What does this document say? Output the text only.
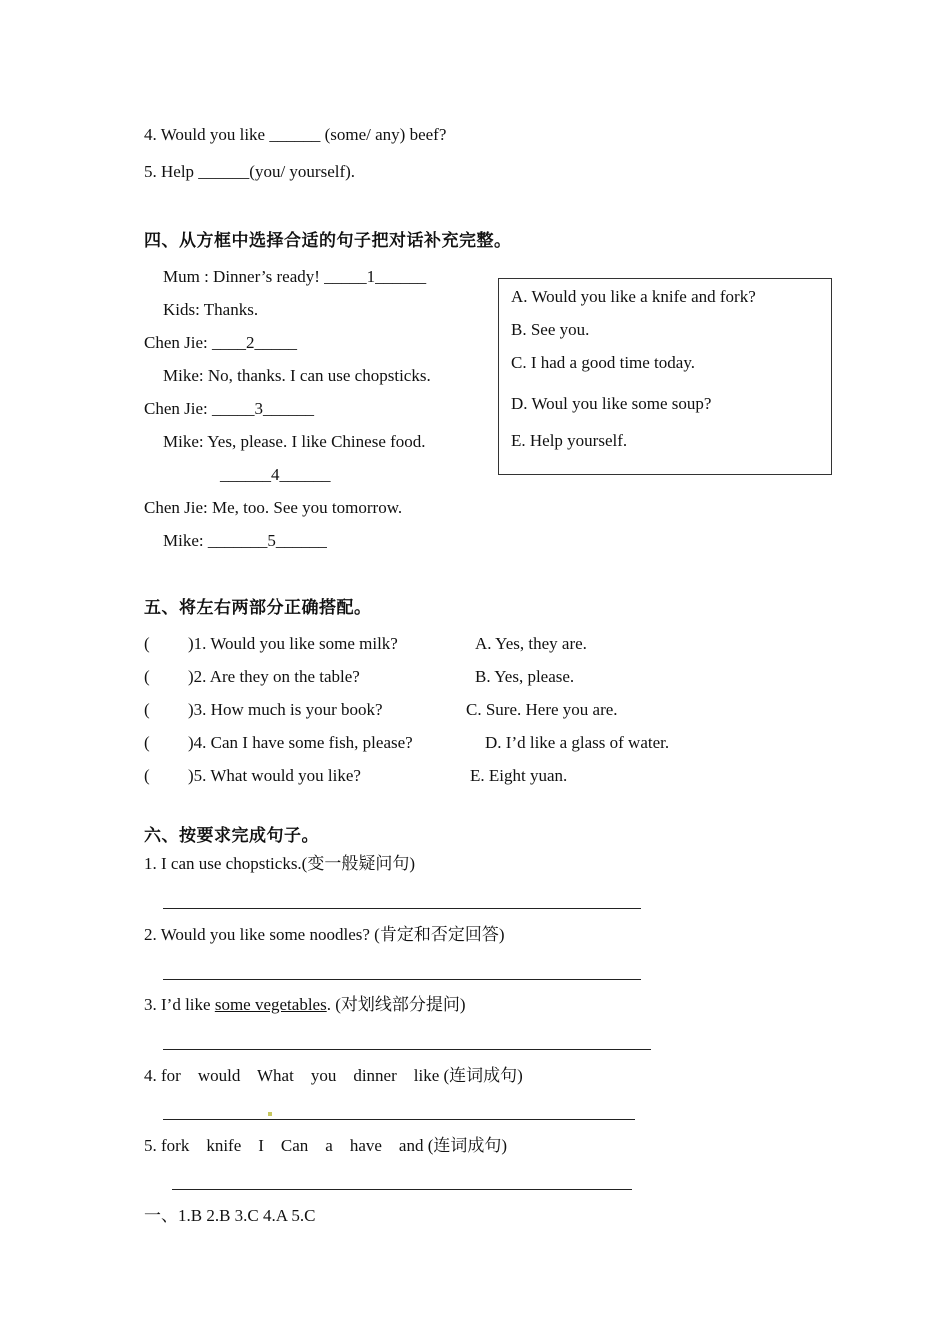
4. Would you like ______ (some/ any) beef?
5. Help ______(you/ yourself).
四、从方框中选择合适的句子把对话补充完整。
Mum : Dinner’s ready! _____1______
Kids: Thanks.
Chen Jie: ____2_____
Mike: No, thanks. I can use chopsticks.
Chen Jie: _____3______
Mike: Yes, please. I like Chinese food.
______4______
Chen Jie: Me, too. See you tomorrow.
Mike: _______5______
A. Would you like a knife and fork?
B. See you.
C. I had a good time today.
D. Woul you like some soup?
E. Help yourself.
五、将左右两部分正确搭配。
( )1. Would you like some milk?	A. Yes, they are.
( )2. Are they on the table?	B. Yes, please.
( )3. How much is your book?	C. Sure. Here you are.
( )4. Can I have some fish, please?	D. I’d like a glass of water.
( )5. What would you like?	E. Eight yuan.
六、按要求完成句子。
1. I can use chopsticks.(变一般疑问句)
2. Would you like some noodles? (肯定和否定回答)
3. I’d like some vegetables. (对划线部分提问)
4. for    would    What    you    dinner    like (连词成句)
5. fork    knife    I    Can    a    have    and (连词成句)
一、1.B 2.B 3.C 4.A 5.C
